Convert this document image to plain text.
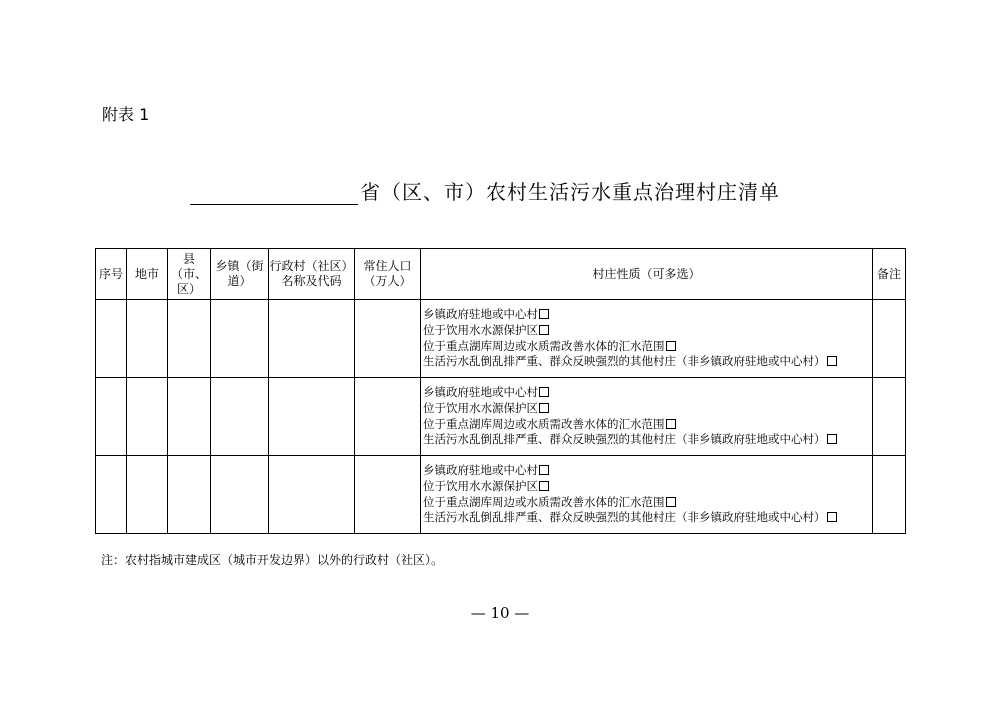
附表 1
省（区、市）农村生活污水重点治理村庄清单
序号	地市	县（市、区）	乡镇（街道）	行政村（社区）名称及代码	常住人口（万人）	村庄性质（可多选）	备注

						乡镇政府驻地或中心村
位于饮用水水源保护区
位于重点湖库周边或水质需改善水体的汇水范围
生活污水乱倒乱排严重、群众反映强烈的其他村庄（非乡镇政府驻地或中心村）	

						乡镇政府驻地或中心村
位于饮用水水源保护区
位于重点湖库周边或水质需改善水体的汇水范围
生活污水乱倒乱排严重、群众反映强烈的其他村庄（非乡镇政府驻地或中心村）	

						乡镇政府驻地或中心村
位于饮用水水源保护区
位于重点湖库周边或水质需改善水体的汇水范围
生活污水乱倒乱排严重、群众反映强烈的其他村庄（非乡镇政府驻地或中心村）	

注：农村指城市建成区（城市开发边界）以外的行政村（社区）。
— 10 —
